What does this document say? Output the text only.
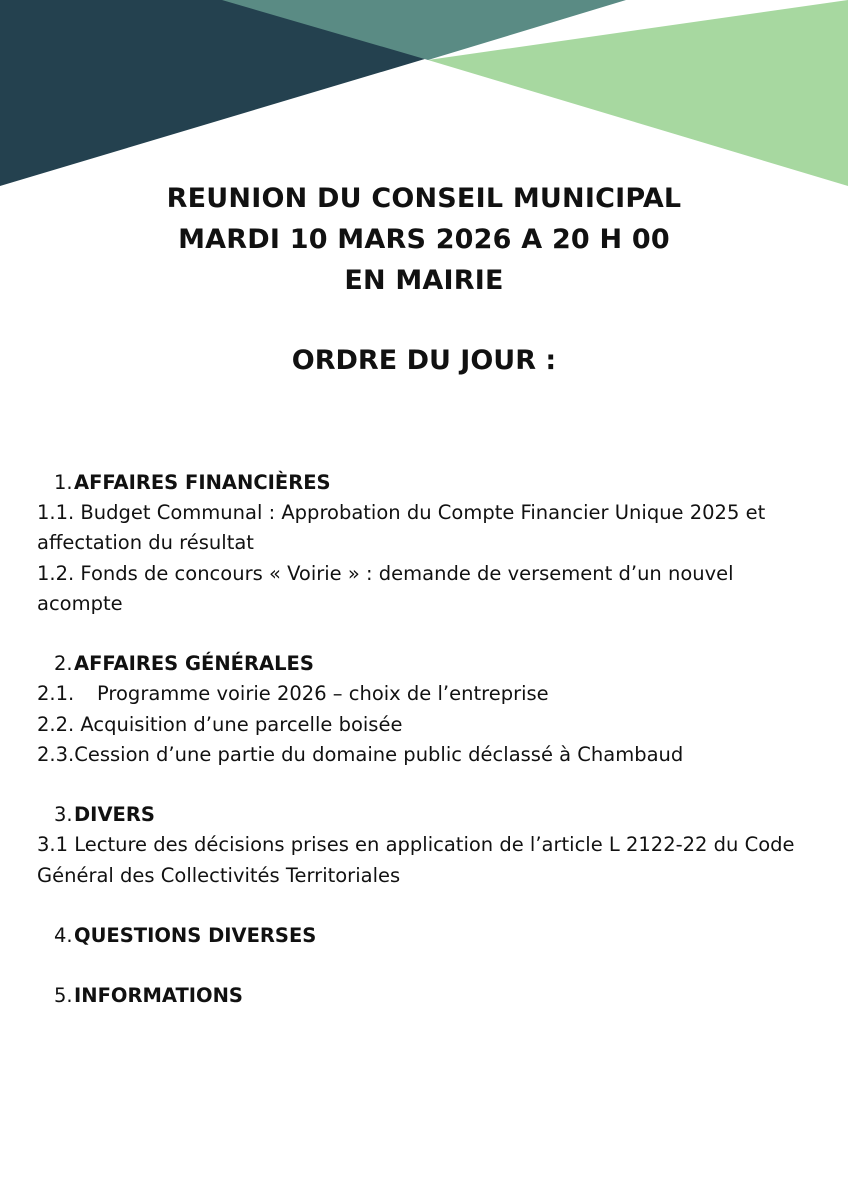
REUNION DU CONSEIL MUNICIPAL
MARDI 10 MARS 2026 A 20 H 00
EN MAIRIE
ORDRE DU JOUR :
1. AFFAIRES FINANCIÈRES
1.1. Budget Communal : Approbation du Compte Financier Unique 2025 et affectation du résultat
1.2. Fonds de concours « Voirie » : demande de versement d’un nouvel acompte
2. AFFAIRES GÉNÉRALES
2.1. Programme voirie 2026 – choix de l’entreprise
2.2. Acquisition d’une parcelle boisée
2.3.Cession d’une partie du domaine public déclassé à Chambaud
3. DIVERS
3.1 Lecture des décisions prises en application de l’article L 2122-22 du Code Général des Collectivités Territoriales
4. QUESTIONS DIVERSES
5. INFORMATIONS
